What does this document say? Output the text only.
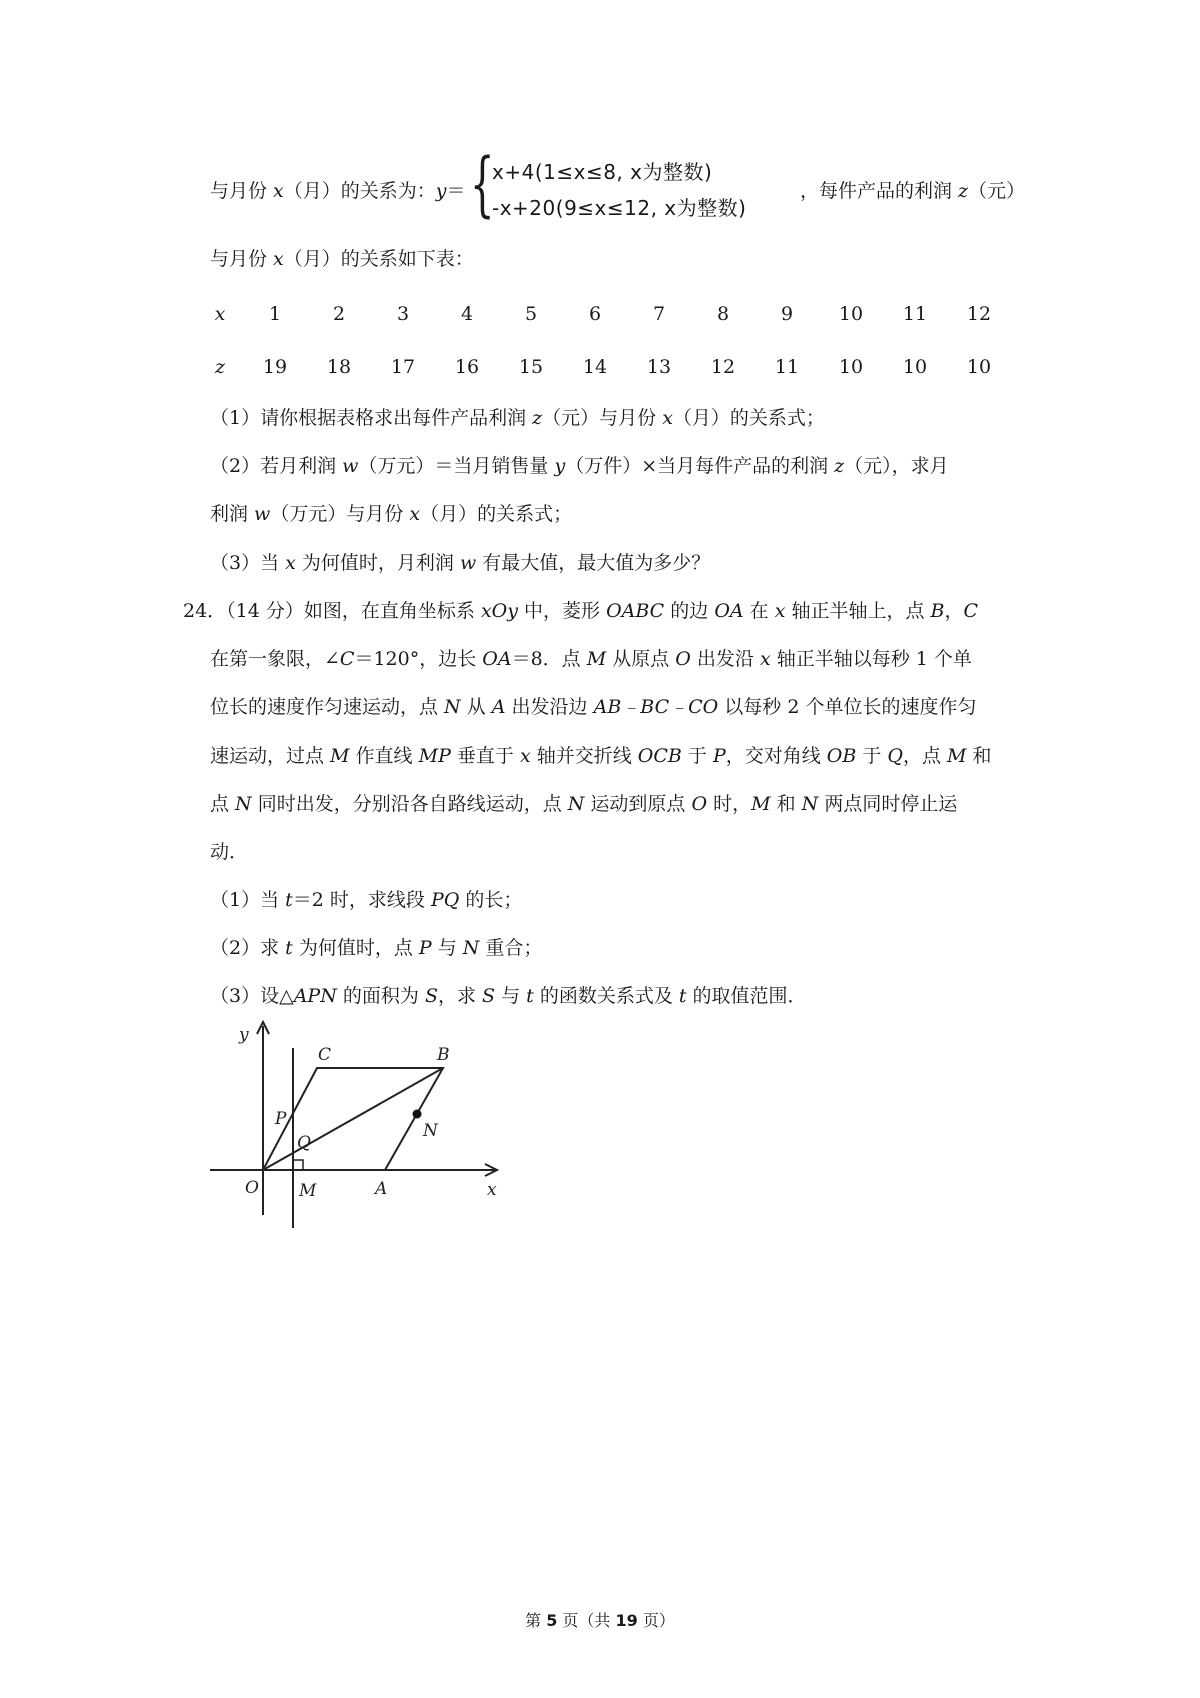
与月份 x（月）的关系为：y＝ {
x+4(1≤x≤8, x为整数)
-x+20(9≤x≤12, x为整数)
，每件产品的利润 z（元）
与月份 x（月）的关系如下表：
x	1	2	3	4	5	6	7	8	9	10	11	12
z	19	18	17	16	15	14	13	12	11	10	10	10
（1）请你根据表格求出每件产品利润 z（元）与月份 x（月）的关系式；
（2）若月利润 w（万元）＝当月销售量 y（万件）×当月每件产品的利润 z（元），求月
利润 w（万元）与月份 x（月）的关系式；
（3）当 x 为何值时，月利润 w 有最大值，最大值为多少？
24．（14 分）如图，在直角坐标系 xOy 中，菱形 OABC 的边 OA 在 x 轴正半轴上，点 B，C
在第一象限，∠C＝120°，边长 OA＝8．点 M 从原点 O 出发沿 x 轴正半轴以每秒 1 个单
位长的速度作匀速运动，点 N 从 A 出发沿边 AB﹣BC﹣CO 以每秒 2 个单位长的速度作匀
速运动，过点 M 作直线 MP 垂直于 x 轴并交折线 OCB 于 P，交对角线 OB 于 Q，点 M 和
点 N 同时出发，分别沿各自路线运动，点 N 运动到原点 O 时，M 和 N 两点同时停止运
动．
（1）当 t＝2 时，求线段 PQ 的长；
（2）求 t 为何值时，点 P 与 N 重合；
（3）设△APN 的面积为 S，求 S 与 t 的函数关系式及 t 的取值范围．
y
x
O M	A
B
C
P
Q
N
第 5 页（共 19 页）
